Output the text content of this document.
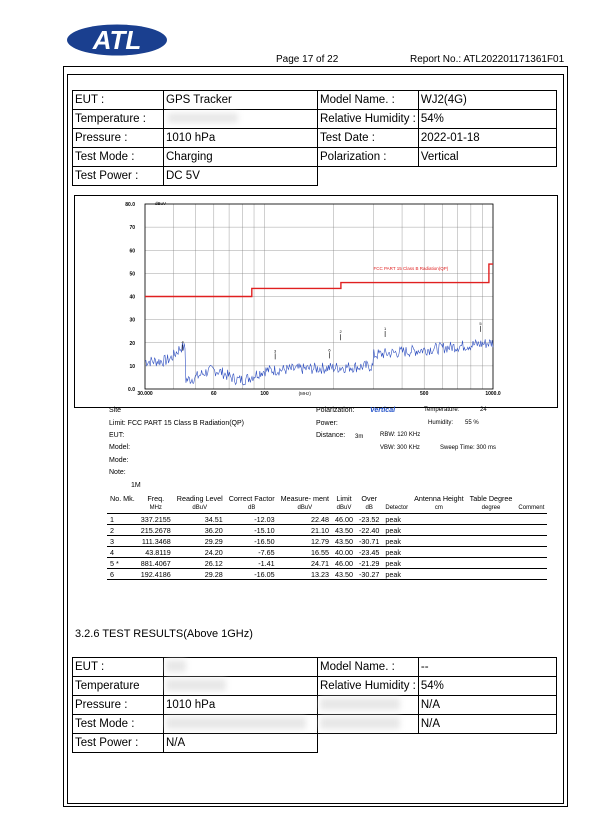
ATL
Page 17 of 22	Report No.: ATL202201171361F01
EUT :	GPS Tracker	Model Name. :	WJ2(4G)
Temperature :		Relative Humidity :	54%
Pressure :	1010 hPa	Test Date :	2022-01-18
Test Mode :	Charging	Polarization :	Vertical
Test Power :	DC 5V		
80.0
70
60
50
40
30
20
10
0.0
dBuV
30.000	60	100	500	1000.0
(MHz)
FCC PART 15 Class B Radiation(QP)
1
2
3
4
5
6
Site
Limit: FCC PART 15 Class B Radiation(QP)
EUT:
Model:
Mode:
Note:
1M
Polarization: Vertical	Temperature:	24
Power:	Humidity: 55 %
Distance: 3m	RBW: 120 KHz
VBW: 300 KHz	Sweep Time: 300 ms
No. Mk.	Freq.	Reading Level	Correct Factor	Measure- ment	Limit	Over		Antenna Height	Table Degree	
	MHz	dBuV	dB	dBuV	dBuV	dB	Detector	cm	degree	Comment
1	337.2155	34.51	-12.03	22.48	46.00	-23.52	peak			
2	215.2678	36.20	-15.10	21.10	43.50	-22.40	peak			
3	111.3468	29.29	-16.50	12.79	43.50	-30.71	peak			
4	43.8119	24.20	-7.65	16.55	40.00	-23.45	peak			
5 *	881.4067	26.12	-1.41	24.71	46.00	-21.29	peak			
6	192.4186	29.28	-16.05	13.23	43.50	-30.27	peak			
3.2.6 TEST RESULTS(Above 1GHz)
EUT :		Model Name. :	--
Temperature		Relative Humidity :	54%
Pressure :	1010 hPa		N/A
Test Mode :			N/A
Test Power :	N/A		
